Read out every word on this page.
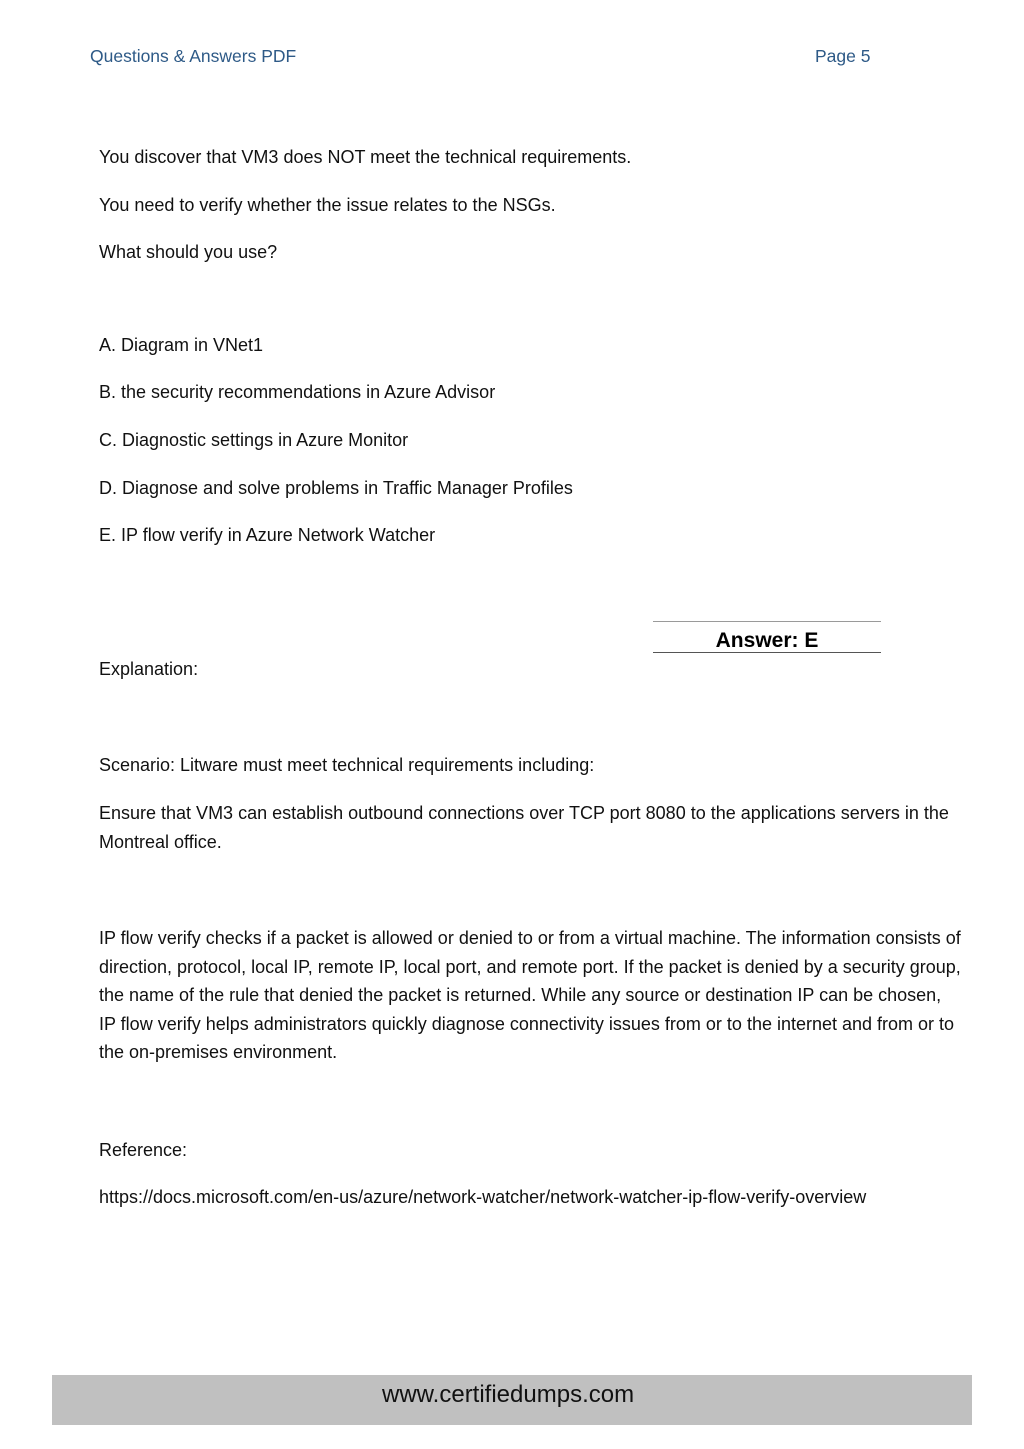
Questions & Answers PDF	Page 5
You discover that VM3 does NOT meet the technical requirements.
You need to verify whether the issue relates to the NSGs.
What should you use?
A. Diagram in VNet1
B. the security recommendations in Azure Advisor
C. Diagnostic settings in Azure Monitor
D. Diagnose and solve problems in Traffic Manager Profiles
E. IP flow verify in Azure Network Watcher
Answer: E
Explanation:
Scenario: Litware must meet technical requirements including:
Ensure that VM3 can establish outbound connections over TCP port 8080 to the applications servers in the Montreal office.
IP flow verify checks if a packet is allowed or denied to or from a virtual machine. The information consists of direction, protocol, local IP, remote IP, local port, and remote port. If the packet is denied by a security group, the name of the rule that denied the packet is returned. While any source or destination IP can be chosen, IP flow verify helps administrators quickly diagnose connectivity issues from or to the internet and from or to the on-premises environment.
Reference:
https://docs.microsoft.com/en-us/azure/network-watcher/network-watcher-ip-flow-verify-overview
www.certifiedumps.com
